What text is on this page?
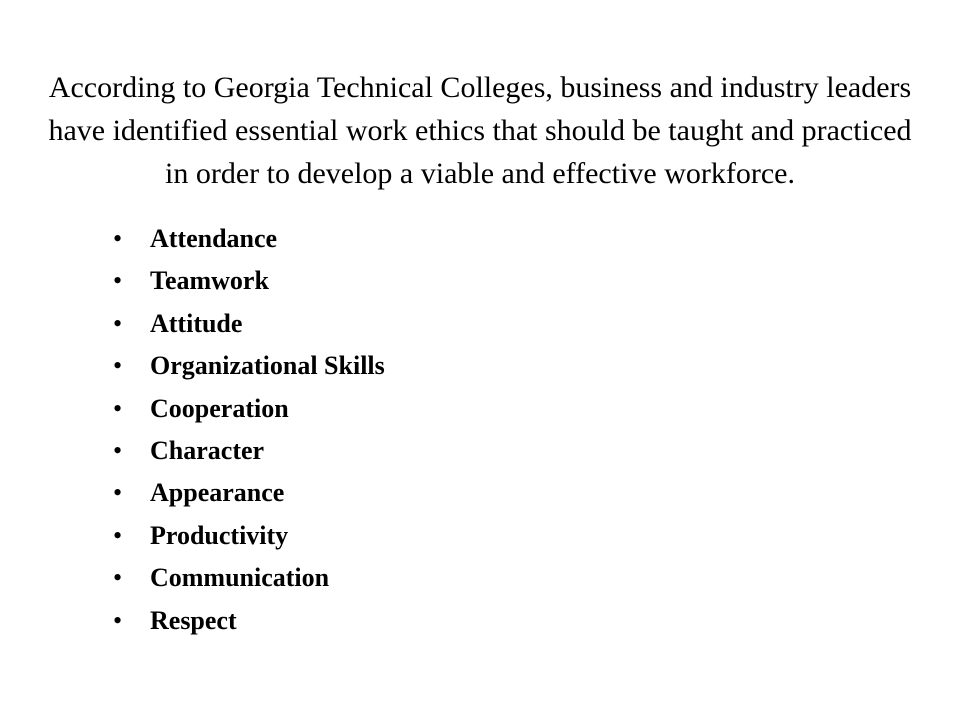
According to Georgia Technical Colleges, business and industry leaders have identified essential work ethics that should be taught and practiced in order to develop a viable and effective workforce.

•	Attendance
•	Teamwork
•	Attitude
•	Organizational Skills
•	Cooperation
•	Character
•	Appearance
•	Productivity
•	Communication
•	Respect
